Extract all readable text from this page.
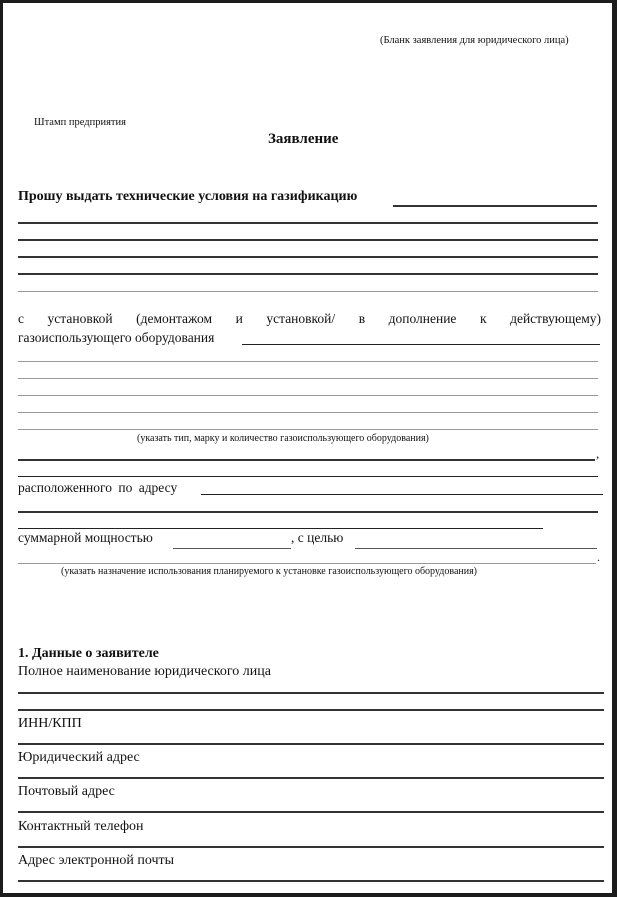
(Бланк заявления для юридического лица)
Штамп предприятия
Заявление
Прошу выдать технические условия на газификацию
с установкой (демонтажом и установкой/ в дополнение к действующему)
газоиспользующего оборудования
(указать тип, марку и количество газоиспользующего оборудования)
,
расположенного по адресу
суммарной мощностью	, с целью
.
(указать назначение использования планируемого к установке газоиспользующего оборудования)
1. Данные о заявителе
Полное наименование юридического лица
ИНН/КПП
Юридический адрес
Почтовый адрес
Контактный телефон
Адрес электронной почты
